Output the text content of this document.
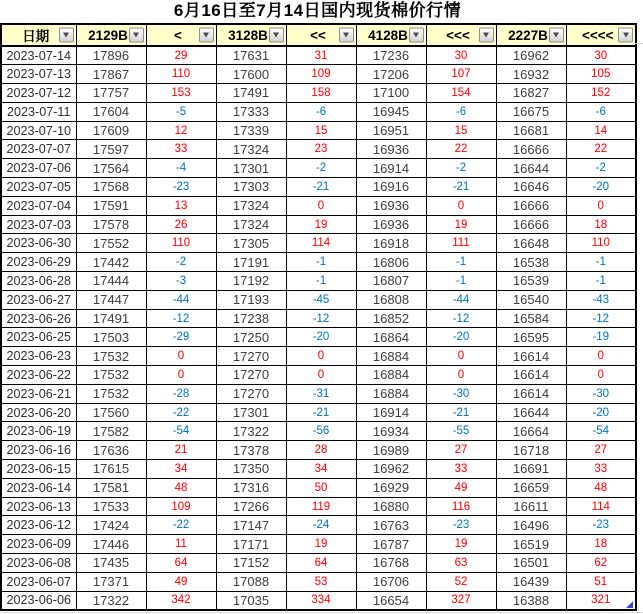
6月16日至7月14日国内现货棉价行情
日期	2129B	<	3128B	<<	4128B	<<<	2227B	<<<<

2023-07-14	17896	29	17631	31	17236	30	16962	30
2023-07-13	17867	110	17600	109	17206	107	16932	105
2023-07-12	17757	153	17491	158	17100	154	16827	152
2023-07-11	17604	-5	17333	-6	16945	-6	16675	-6
2023-07-10	17609	12	17339	15	16951	15	16681	14
2023-07-07	17597	33	17324	23	16936	22	16666	22
2023-07-06	17564	-4	17301	-2	16914	-2	16644	-2
2023-07-05	17568	-23	17303	-21	16916	-21	16646	-20
2023-07-04	17591	13	17324	0	16936	0	16666	0
2023-07-03	17578	26	17324	19	16936	19	16666	18
2023-06-30	17552	110	17305	114	16918	111	16648	110
2023-06-29	17442	-2	17191	-1	16806	-1	16538	-1
2023-06-28	17444	-3	17192	-1	16807	-1	16539	-1
2023-06-27	17447	-44	17193	-45	16808	-44	16540	-43
2023-06-26	17491	-12	17238	-12	16852	-12	16584	-12
2023-06-25	17503	-29	17250	-20	16864	-20	16595	-19
2023-06-23	17532	0	17270	0	16884	0	16614	0
2023-06-22	17532	0	17270	0	16884	0	16614	0
2023-06-21	17532	-28	17270	-31	16884	-30	16614	-30
2023-06-20	17560	-22	17301	-21	16914	-21	16644	-20
2023-06-19	17582	-54	17322	-56	16934	-55	16664	-54
2023-06-16	17636	21	17378	28	16989	27	16718	27
2023-06-15	17615	34	17350	34	16962	33	16691	33
2023-06-14	17581	48	17316	50	16929	49	16659	48
2023-06-13	17533	109	17266	119	16880	116	16611	114
2023-06-12	17424	-22	17147	-24	16763	-23	16496	-23
2023-06-09	17446	11	17171	19	16787	19	16519	18
2023-06-08	17435	64	17152	64	16768	63	16501	62
2023-06-07	17371	49	17088	53	16706	52	16439	51
2023-06-06	17322	342	17035	334	16654	327	16388	321
